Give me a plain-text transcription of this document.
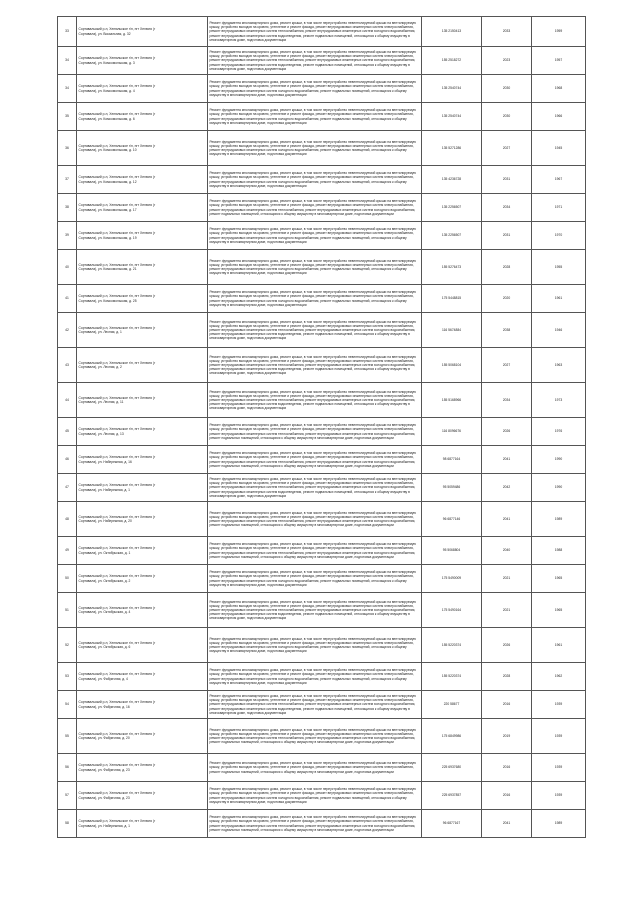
33	Сортавальский р-н, Хелюльское г/п, пгт Хелюля (г
Сортавала), ул. Вокзальная, д. 32	Ремонт фундамента многоквартирного дома, ремонт крыши, в том числе переустройство невентилируемой крыши на вентилируемую крышу, устройство выходов на кровлю, утепление и ремонт фасада, ремонт внутридомовых инженерных систем электроснабжения, ремонт внутридомовых инженерных систем теплоснабжения, ремонт внутридомовых инженерных систем холодного водоснабжения, ремонт внутридомовых инженерных систем водоотведения, ремонт подвальных помещений, относящихся к общему имуществу в многоквартирном доме, подготовка документации	135 2150413	2033	1959
34	Сортавальский р-н, Хелюльское г/п, пгт Хелюля (г
Сортавала), ул. Комсомольская, д. 3	Ремонт фундамента многоквартирного дома, ремонт крыши, в том числе переустройство невентилируемой крыши на вентилируемую крышу, устройство выходов на кровлю, утепление и ремонт фасада, ремонт внутридомовых инженерных систем электроснабжения, ремонт внутридомовых инженерных систем теплоснабжения, ремонт внутридомовых инженерных систем холодного водоснабжения, ремонт внутридомовых инженерных систем водоотведения, ремонт подвальных помещений, относящихся к общему имуществу в многоквартирном доме, подготовка документации	155 2518272	2023	1957
34	Сортавальский р-н, Хелюльское г/п, пгт Хелюля (г
Сортавала), ул. Комсомольская, д. 4	Ремонт фундамента многоквартирного дома, ремонт крыши, в том числе переустройство невентилируемой крыши на вентилируемую крышу, устройство выходов на кровлю, утепление и ремонт фасада, ремонт внутридомовых инженерных систем электроснабжения, ремонт внутридомовых инженерных систем холодного водоснабжения, ремонт подвальных помещений, относящихся к общему имуществу в многоквартирном доме, подготовка документации	135 2540744	2030	1968
35	Сортавальский р-н, Хелюльское г/п, пгт Хелюля (г
Сортавала), ул. Комсомольская, д. 6	Ремонт фундамента многоквартирного дома, ремонт крыши, в том числе переустройство невентилируемой крыши на вентилируемую крышу, устройство выходов на кровлю, утепление и ремонт фасада, ремонт внутридомовых инженерных систем электроснабжения, ремонт внутридомовых инженерных систем холодного водоснабжения, ремонт подвальных помещений, относящихся к общему имуществу в многоквартирном доме, подготовка документации	135 2540744	2030	1966
36	Сортавальский р-н, Хелюльское г/п, пгт Хелюля (г
Сортавала), ул. Комсомольская, д. 10	Ремонт фундамента многоквартирного дома, ремонт крыши, в том числе переустройство невентилируемой крыши на вентилируемую крышу, устройство выходов на кровлю, утепление и ремонт фасада, ремонт внутридомовых инженерных систем электроснабжения, ремонт внутридомовых инженерных систем холодного водоснабжения, ремонт подвальных помещений, относящихся к общему имуществу в многоквартирном доме, подготовка документации	135 5271286	2027	1945
37	Сортавальский р-н, Хелюльское г/п, пгт Хелюля (г
Сортавала), ул. Комсомольская, д. 12	Ремонт фундамента многоквартирного дома, ремонт крыши, в том числе переустройство невентилируемой крыши на вентилируемую крышу, устройство выходов на кровлю, утепление и ремонт фасада, ремонт внутридомовых инженерных систем электроснабжения, ремонт внутридомовых инженерных систем холодного водоснабжения, ремонт подвальных помещений, относящихся к общему имуществу в многоквартирном доме, подготовка документации	135 4236728	2031	1967
38	Сортавальский р-н, Хелюльское г/п, пгт Хелюля (г
Сортавала), ул. Комсомольская, д. 17	Ремонт фундамента многоквартирного дома, ремонт крыши, в том числе переустройство невентилируемой крыши на вентилируемую крышу, устройство выходов на кровлю, утепление и ремонт фасада, ремонт внутридомовых инженерных систем электроснабжения, ремонт внутридомовых инженерных систем теплоснабжения, ремонт внутридомовых инженерных систем холодного водоснабжения, ремонт подвальных помещений, относящихся к общему имуществу в многоквартирном доме, подготовка документации	135 2256507	2034	1971
39	Сортавальский р-н, Хелюльское г/п, пгт Хелюля (г
Сортавала), ул. Комсомольская, д. 19	Ремонт фундамента многоквартирного дома, ремонт крыши, в том числе переустройство невентилируемой крыши на вентилируемую крышу, устройство выходов на кровлю, утепление и ремонт фасада, ремонт внутридомовых инженерных систем электроснабжения, ремонт внутридомовых инженерных систем холодного водоснабжения, ремонт подвальных помещений, относящихся к общему имуществу в многоквартирном доме, подготовка документации	135 2256507	2031	1970
40	Сортавальский р-н, Хелюльское г/п, пгт Хелюля (г
Сортавала), ул. Комсомольская, д. 21	Ремонт фундамента многоквартирного дома, ремонт крыши, в том числе переустройство невентилируемой крыши на вентилируемую крышу, устройство выходов на кровлю, утепление и ремонт фасада, ремонт внутридомовых инженерных систем электроснабжения, ремонт внутридомовых инженерных систем холодного водоснабжения, ремонт подвальных помещений, относящихся к общему имуществу в многоквартирном доме, подготовка документации	155 5276473	2028	1955
41	Сортавальский р-н, Хелюльское г/п, пгт Хелюля (г
Сортавала), ул. Комсомольская, д. 25	Ремонт фундамента многоквартирного дома, ремонт крыши, в том числе переустройство невентилируемой крыши на вентилируемую крышу, устройство выходов на кровлю, утепление и ремонт фасада, ремонт внутридомовых инженерных систем электроснабжения, ремонт внутридомовых инженерных систем холодного водоснабжения, ремонт подвальных помещений, относящихся к общему имуществу в многоквартирном доме, подготовка документации	175 5448815	2020	1961
42	Сортавальский р-н, Хелюльское г/п, пгт Хелюля (г
Сортавала), ул. Лесная, д. 1	Ремонт фундамента многоквартирного дома, ремонт крыши, в том числе переустройство невентилируемой крыши на вентилируемую крышу, устройство выходов на кровлю, утепление и ремонт фасада, ремонт внутридомовых инженерных систем электроснабжения, ремонт внутридомовых инженерных систем теплоснабжения, ремонт внутридомовых инженерных систем холодного водоснабжения, ремонт внутридомовых инженерных систем водоотведения, ремонт подвальных помещений, относящихся к общему имуществу в многоквартирном доме, подготовка документации	116 5674884	2038	1946
43	Сортавальский р-н, Хелюльское г/п, пгт Хелюля (г
Сортавала), ул. Лесная, д. 2	Ремонт фундамента многоквартирного дома, ремонт крыши, в том числе переустройство невентилируемой крыши на вентилируемую крышу, устройство выходов на кровлю, утепление и ремонт фасада, ремонт внутридомовых инженерных систем электроснабжения, ремонт внутридомовых инженерных систем теплоснабжения, ремонт внутридомовых инженерных систем холодного водоснабжения, ремонт внутридомовых инженерных систем водоотведения, ремонт подвальных помещений, относящихся к общему имуществу в многоквартирном доме, подготовка документации	155 5068104	2027	1963
44	Сортавальский р-н, Хелюльское г/п, пгт Хелюля (г
Сортавала), ул. Лесная, д. 11	Ремонт фундамента многоквартирного дома, ремонт крыши, в том числе переустройство невентилируемой крыши на вентилируемую крышу, устройство выходов на кровлю, утепление и ремонт фасада, ремонт внутридомовых инженерных систем электроснабжения, ремонт внутридомовых инженерных систем теплоснабжения, ремонт внутридомовых инженерных систем холодного водоснабжения, ремонт внутридомовых инженерных систем водоотведения, ремонт подвальных помещений, относящихся к общему имуществу в многоквартирном доме, подготовка документации	155 5168966	2034	1973
45	Сортавальский р-н, Хелюльское г/п, пгт Хелюля (г
Сортавала), ул. Лесная, д. 13	Ремонт фундамента многоквартирного дома, ремонт крыши, в том числе переустройство невентилируемой крыши на вентилируемую крышу, устройство выходов на кровлю, утепление и ремонт фасада, ремонт внутридомовых инженерных систем электроснабжения, ремонт внутридомовых инженерных систем теплоснабжения, ремонт внутридомовых инженерных систем холодного водоснабжения, ремонт подвальных помещений, относящихся к общему имуществу в многоквартирном доме, подготовка документации	116 8096676	2026	1976
46	Сортавальский р-н, Хелюльское г/п, пгт Хелюля (г
Сортавала), ул. Набережная, д. 16	Ремонт фундамента многоквартирного дома, ремонт крыши, в том числе переустройство невентилируемой крыши на вентилируемую крышу, устройство выходов на кровлю, утепление и ремонт фасада, ремонт внутридомовых инженерных систем электроснабжения, ремонт внутридомовых инженерных систем теплоснабжения, ремонт внутридомовых инженерных систем холодного водоснабжения, ремонт подвальных помещений, относящихся к общему имуществу в многоквартирном доме, подготовка документации	98 6877164	2041	1990
47	Сортавальский р-н, Хелюльское г/п, пгт Хелюля (г
Сортавала), ул. Набережная, д. 1	Ремонт фундамента многоквартирного дома, ремонт крыши, в том числе переустройство невентилируемой крыши на вентилируемую крышу, устройство выходов на кровлю, утепление и ремонт фасада, ремонт внутридомовых инженерных систем электроснабжения, ремонт внутридомовых инженерных систем теплоснабжения, ремонт внутридомовых инженерных систем холодного водоснабжения, ремонт внутридомовых инженерных систем водоотведения, ремонт подвальных помещений, относящихся к общему имуществу в многоквартирном доме, подготовка документации	95 5059486	2042	1990
48	Сортавальский р-н, Хелюльское г/п, пгт Хелюля (г
Сортавала), ул. Набережная, д. 20	Ремонт фундамента многоквартирного дома, ремонт крыши, в том числе переустройство невентилируемой крыши на вентилируемую крышу, устройство выходов на кровлю, утепление и ремонт фасада, ремонт внутридомовых инженерных систем электроснабжения, ремонт внутридомовых инженерных систем теплоснабжения, ремонт внутридомовых инженерных систем холодного водоснабжения, ремонт подвальных помещений, относящихся к общему имуществу в многоквартирном доме, подготовка документации	96 6877146	2041	1989
49	Сортавальский р-н, Хелюльское г/п, пгт Хелюля (г
Сортавала), ул. Октябрьская, д. 1	Ремонт фундамента многоквартирного дома, ремонт крыши, в том числе переустройство невентилируемой крыши на вентилируемую крышу, устройство выходов на кровлю, утепление и ремонт фасада, ремонт внутридомовых инженерных систем электроснабжения, ремонт внутридомовых инженерных систем теплоснабжения, ремонт внутридомовых инженерных систем холодного водоснабжения, ремонт подвальных помещений, относящихся к общему имуществу в многоквартирном доме, подготовка документации	95 5068804	2040	1988
50	Сортавальский р-н, Хелюльское г/п, пгт Хелюля (г
Сортавала), ул. Октябрьская, д. 2	Ремонт фундамента многоквартирного дома, ремонт крыши, в том числе переустройство невентилируемой крыши на вентилируемую крышу, устройство выходов на кровлю, утепление и ремонт фасада, ремонт внутридомовых инженерных систем электроснабжения, ремонт внутридомовых инженерных систем холодного водоснабжения, ремонт подвальных помещений, относящихся к общему имуществу в многоквартирном доме, подготовка документации	175 5490009	2021	1965
51	Сортавальский р-н, Хелюльское г/п, пгт Хелюля (г
Сортавала), ул. Октябрьская, д. 4	Ремонт фундамента многоквартирного дома, ремонт крыши, в том числе переустройство невентилируемой крыши на вентилируемую крышу, устройство выходов на кровлю, утепление и ремонт фасада, ремонт внутридомовых инженерных систем электроснабжения, ремонт внутридомовых инженерных систем теплоснабжения, ремонт внутридомовых инженерных систем холодного водоснабжения, ремонт внутридомовых инженерных систем водоотведения, ремонт подвальных помещений, относящихся к общему имуществу в многоквартирном доме, подготовка документации	175 5490164	2021	1965
52	Сортавальский р-н, Хелюльское г/п, пгт Хелюля (г
Сортавала), ул. Октябрьская, д. 6	Ремонт фундамента многоквартирного дома, ремонт крыши, в том числе переустройство невентилируемой крыши на вентилируемую крышу, устройство выходов на кровлю, утепление и ремонт фасада, ремонт внутридомовых инженерных систем электроснабжения, ремонт внутридомовых инженерных систем холодного водоснабжения, ремонт подвальных помещений, относящихся к общему имуществу в многоквартирном доме, подготовка документации	155 5220374	2026	1961
53	Сортавальский р-н, Хелюльское г/п, пгт Хелюля (г
Сортавала), ул. Фабричная, д. 4	Ремонт фундамента многоквартирного дома, ремонт крыши, в том числе переустройство невентилируемой крыши на вентилируемую крышу, устройство выходов на кровлю, утепление и ремонт фасада, ремонт внутридомовых инженерных систем электроснабжения, ремонт внутридомовых инженерных систем холодного водоснабжения, ремонт подвальных помещений, относящихся к общему имуществу в многоквартирном доме, подготовка документации	155 5220374	2028	1962
54	Сортавальский р-н, Хелюльское г/п, пгт Хелюля (г
Сортавала), ул. Фабричная, д. 16	Ремонт фундамента многоквартирного дома, ремонт крыши, в том числе переустройство невентилируемой крыши на вентилируемую крышу, устройство выходов на кровлю, утепление и ремонт фасада, ремонт внутридомовых инженерных систем электроснабжения, ремонт внутридомовых инженерных систем теплоснабжения, ремонт внутридомовых инженерных систем холодного водоснабжения, ремонт внутридомовых инженерных систем водоотведения, ремонт подвальных помещений, относящихся к общему имуществу в многоквартирном доме, подготовка документации	220 58677	2016	1939
55	Сортавальский р-н, Хелюльское г/п, пгт Хелюля (г
Сортавала), ул. Фабричная, д. 20	Ремонт фундамента многоквартирного дома, ремонт крыши, в том числе переустройство невентилируемой крыши на вентилируемую крышу, устройство выходов на кровлю, утепление и ремонт фасада, ремонт внутридомовых инженерных систем электроснабжения, ремонт внутридомовых инженерных систем теплоснабжения, ремонт внутридомовых инженерных систем холодного водоснабжения, ремонт подвальных помещений, относящихся к общему имуществу в многоквартирном доме, подготовка документации	175 6849986	2019	1939
56	Сортавальский р-н, Хелюльское г/п, пгт Хелюля (г
Сортавала), ул. Фабричная, д. 23	Ремонт фундамента многоквартирного дома, ремонт крыши, в том числе переустройство невентилируемой крыши на вентилируемую крышу, устройство выходов на кровлю, утепление и ремонт фасада, ремонт внутридомовых инженерных систем электроснабжения, ремонт подвальных помещений, относящихся к общему имуществу в многоквартирном доме, подготовка документации	225 6937680	2016	1939
57	Сортавальский р-н, Хелюльское г/п, пгт Хелюля (г
Сортавала), ул. Фабричная, д. 23	Ремонт фундамента многоквартирного дома, ремонт крыши, в том числе переустройство невентилируемой крыши на вентилируемую крышу, устройство выходов на кровлю, утепление и ремонт фасада, ремонт внутридомовых инженерных систем электроснабжения, ремонт внутридомовых инженерных систем холодного водоснабжения, ремонт подвальных помещений, относящихся к общему имуществу в многоквартирном доме, подготовка документации	225 6937857	2016	1939
58	Сортавальский р-н, Хелюльское г/п, пгт Хелюля (г
Сортавала), ул. Набережная, д. 1	Ремонт фундамента многоквартирного дома, ремонт крыши, в том числе переустройство невентилируемой крыши на вентилируемую крышу, устройство выходов на кровлю, утепление и ремонт фасада, ремонт внутридомовых инженерных систем электроснабжения, ремонт внутридомовых инженерных систем теплоснабжения, ремонт внутридомовых инженерных систем холодного водоснабжения, ремонт подвальных помещений, относящихся к общему имуществу в многоквартирном доме, подготовка документации	96 6877167	2041	1989
